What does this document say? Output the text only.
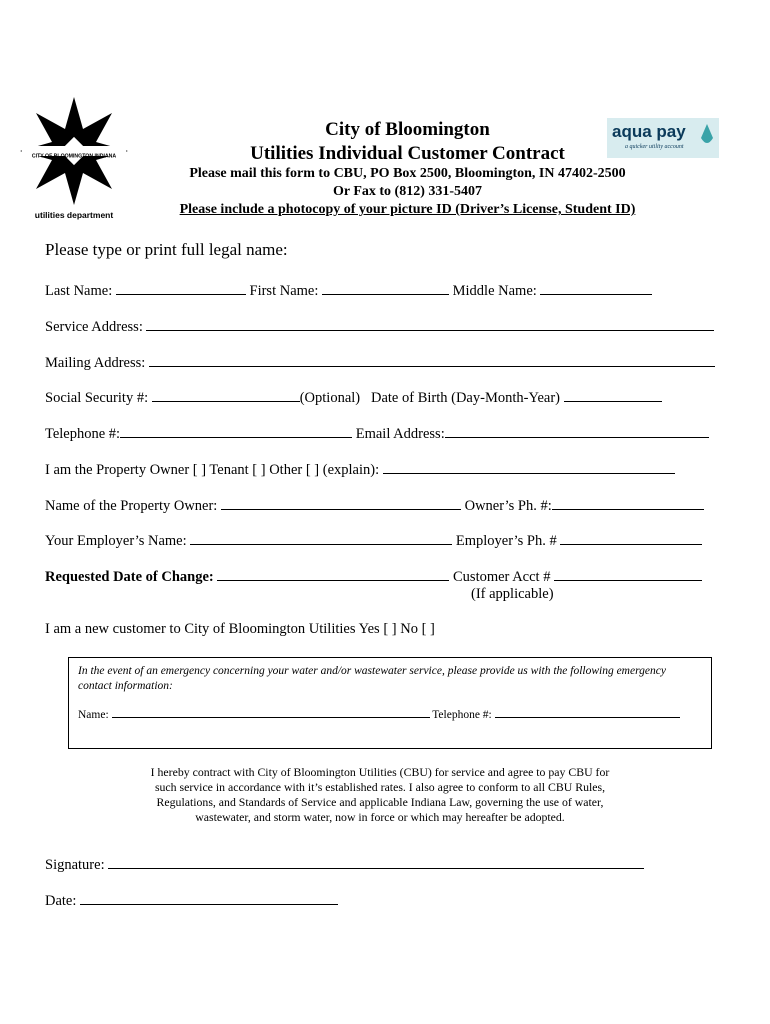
CITY OF BLOOMINGTON INDIANA
utilities department
aqua pay
a quicker utility account
City of Bloomington
Utilities Individual Customer Contract
Please mail this form to CBU, PO Box 2500, Bloomington, IN 47402-2500
Or Fax to (812) 331-5407
Please include a photocopy of your picture ID (Driver’s License, Student ID)
Please type or print full legal name:
Last Name:	First Name:	Middle Name:
Service Address:
Mailing Address:
Social Security #:	(Optional) Date of Birth (Day-Month-Year)
Telephone #:	Email Address:
I am the Property Owner [ ] Tenant [ ] Other [ ] (explain):
Name of the Property Owner:	Owner’s Ph. #:
Your Employer’s Name:	Employer’s Ph. #
Requested Date of Change:	Customer Acct #
(If applicable)
I am a new customer to City of Bloomington Utilities Yes [ ] No [ ]
In the event of an emergency concerning your water and/or wastewater service, please provide us with the following emergency contact information:
Name:	Telephone #:
I hereby contract with City of Bloomington Utilities (CBU) for service and agree to pay CBU for
such service in accordance with it’s established rates. I also agree to conform to all CBU Rules,
Regulations, and Standards of Service and applicable Indiana Law, governing the use of water,
wastewater, and storm water, now in force or which may hereafter be adopted.
Signature:
Date:
